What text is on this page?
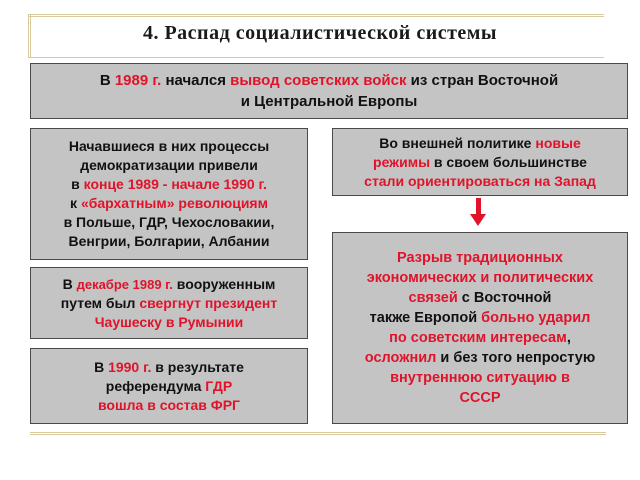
4. Распад социалистической системы
В 1989 г. начался вывод советских войск из стран Восточной
и Центральной Европы
Начавшиеся в них процессы
демократизации привели
в конце 1989 - начале 1990 г.
к «бархатным» революциям
в Польше, ГДР, Чехословакии,
Венгрии, Болгарии, Албании
Во внешней политике новые
режимы в своем большинстве
стали ориентироваться на Запад
В декабре 1989 г. вооруженным
путем был свергнут президент
Чаушеску в Румынии
Разрыв традиционных
экономических и политических
связей с Восточной
также Европой больно ударил
по советским интересам,
осложнил и без того непростую
внутреннюю ситуацию в
СССР
В 1990 г. в результате
референдума ГДР
вошла в состав ФРГ
